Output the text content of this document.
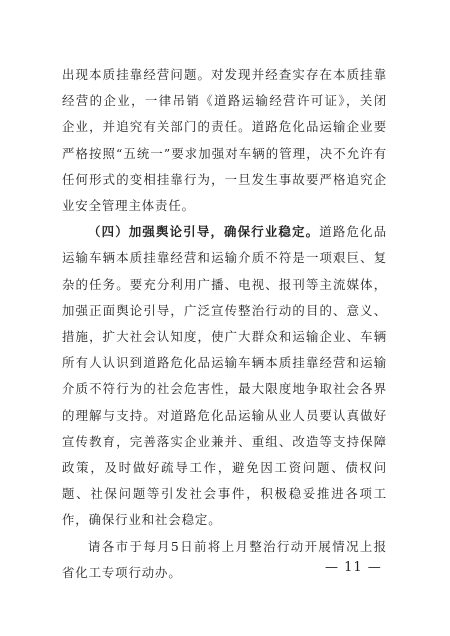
出现本质挂靠经营问题。对发现并经查实存在本质挂靠经营的企业，一律吊销《道路运输经营许可证》，关闭企业，并追究有关部门的责任。道路危化品运输企业要严格按照“五统一”要求加强对车辆的管理，决不允许有任何形式的变相挂靠行为，一旦发生事故要严格追究企业安全管理主体责任。

（四）加强舆论引导，确保行业稳定。道路危化品运输车辆本质挂靠经营和运输介质不符是一项艰巨、复杂的任务。要充分利用广播、电视、报刊等主流媒体，加强正面舆论引导，广泛宣传整治行动的目的、意义、措施，扩大社会认知度，使广大群众和运输企业、车辆所有人认识到道路危化品运输车辆本质挂靠经营和运输介质不符行为的社会危害性，最大限度地争取社会各界的理解与支持。对道路危化品运输从业人员要认真做好宣传教育，完善落实企业兼并、重组、改造等支持保障政策，及时做好疏导工作，避免因工资问题、债权问题、社保问题等引发社会事件，积极稳妥推进各项工作，确保行业和社会稳定。

请各市于每月5日前将上月整治行动开展情况上报省化工专项行动办。	— 11 —
